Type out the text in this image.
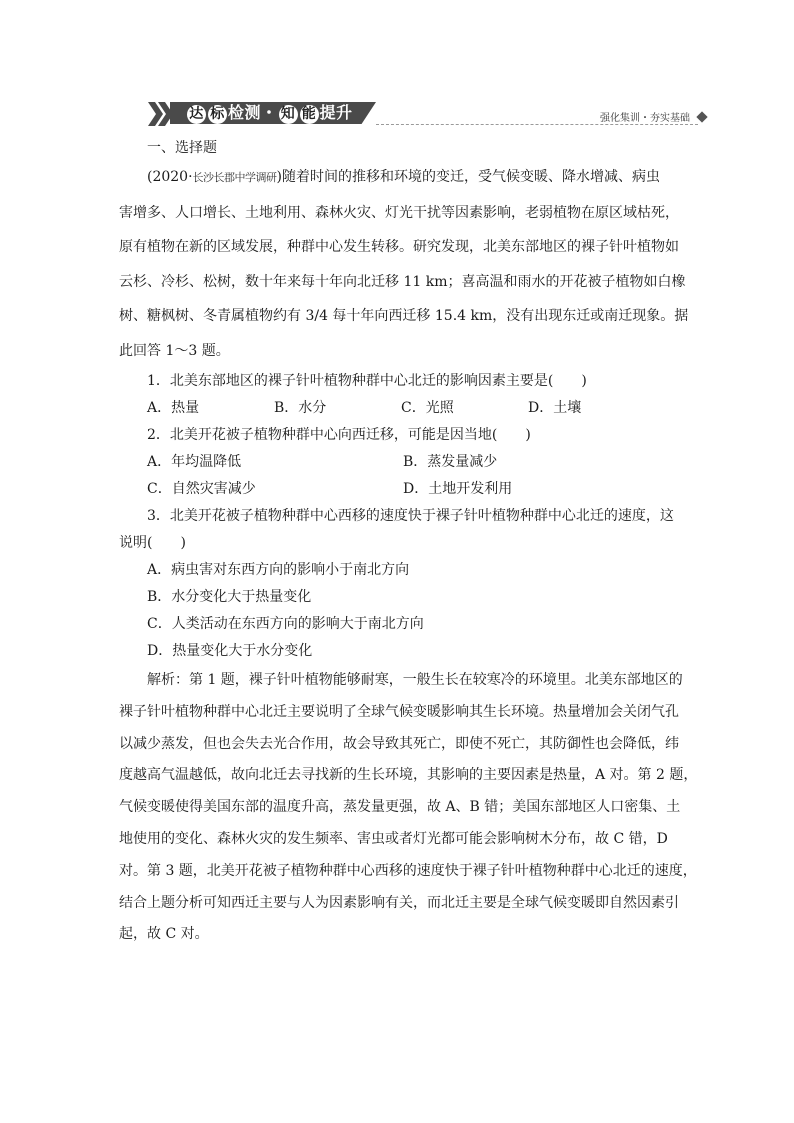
达 标 检测・ 知 能 提升	强化集训・夯实基础
一、选择题
(2020·长沙长郡中学调研)随着时间的推移和环境的变迁，受气候变暖、降水增减、病虫
害增多、人口增长、土地利用、森林火灾、灯光干扰等因素影响，老弱植物在原区域枯死，
原有植物在新的区域发展，种群中心发生转移。研究发现，北美东部地区的裸子针叶植物如
云杉、冷杉、松树，数十年来每十年向北迁移 11 km；喜高温和雨水的开花被子植物如白橡
树、糖枫树、冬青属植物约有 3/4 每十年向西迁移 15.4 km，没有出现东迁或南迁现象。据
此回答 1～3 题。
1．北美东部地区的裸子针叶植物种群中心北迁的影响因素主要是(　　)
A．热量	B．水分	C．光照	D．土壤
2．北美开花被子植物种群中心向西迁移，可能是因当地(　　)
A．年均温降低	B．蒸发量减少
C．自然灾害减少	D．土地开发利用
3．北美开花被子植物种群中心西移的速度快于裸子针叶植物种群中心北迁的速度，这
说明(　　)
A．病虫害对东西方向的影响小于南北方向
B．水分变化大于热量变化
C．人类活动在东西方向的影响大于南北方向
D．热量变化大于水分变化
解析：第 1 题，裸子针叶植物能够耐寒，一般生长在较寒冷的环境里。北美东部地区的
裸子针叶植物种群中心北迁主要说明了全球气候变暖影响其生长环境。热量增加会关闭气孔
以减少蒸发，但也会失去光合作用，故会导致其死亡，即使不死亡，其防御性也会降低，纬
度越高气温越低，故向北迁去寻找新的生长环境，其影响的主要因素是热量，A 对。第 2 题，
气候变暖使得美国东部的温度升高，蒸发量更强，故 A、B 错；美国东部地区人口密集、土
地使用的变化、森林火灾的发生频率、害虫或者灯光都可能会影响树木分布，故 C 错，D
对。第 3 题，北美开花被子植物种群中心西移的速度快于裸子针叶植物种群中心北迁的速度，
结合上题分析可知西迁主要与人为因素影响有关，而北迁主要是全球气候变暖即自然因素引
起，故 C 对。
